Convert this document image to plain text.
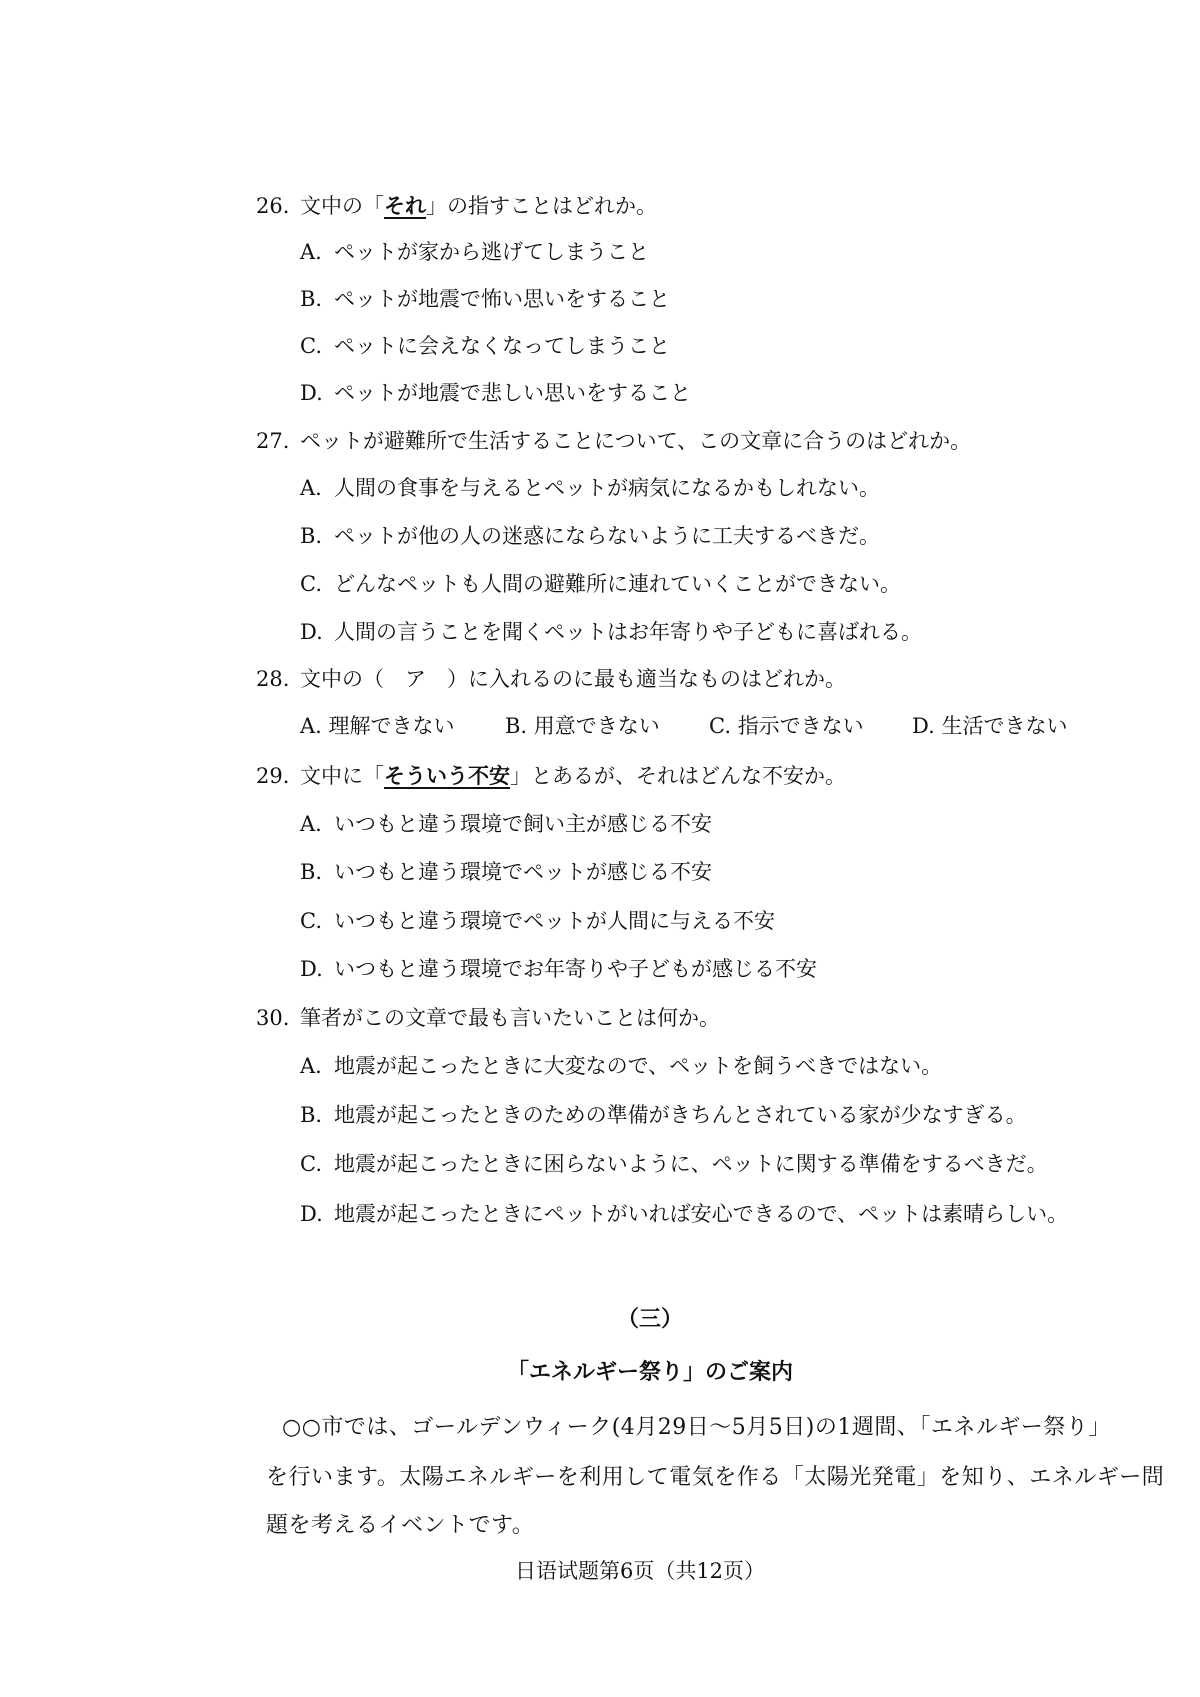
26. 文中の「それ」の指すことはどれか。
A. ペットが家から逃げてしまうこと
B. ペットが地震で怖い思いをすること
C. ペットに会えなくなってしまうこと
D. ペットが地震で悲しい思いをすること
27. ペットが避難所で生活することについて、この文章に合うのはどれか。
A. 人間の食事を与えるとペットが病気になるかもしれない。
B. ペットが他の人の迷惑にならないように工夫するべきだ。
C. どんなペットも人間の避難所に連れていくことができない。
D. 人間の言うことを聞くペットはお年寄りや子どもに喜ばれる。
28. 文中の（　ア　）に入れるのに最も適当なものはどれか。
A. 理解できない B. 用意できない C. 指示できない D. 生活できない
29. 文中に「そういう不安」とあるが、それはどんな不安か。
A. いつもと違う環境で飼い主が感じる不安
B. いつもと違う環境でペットが感じる不安
C. いつもと違う環境でペットが人間に与える不安
D. いつもと違う環境でお年寄りや子どもが感じる不安
30. 筆者がこの文章で最も言いたいことは何か。
A. 地震が起こったときに大変なので、ペットを飼うべきではない。
B. 地震が起こったときのための準備がきちんとされている家が少なすぎる。
C. 地震が起こったときに困らないように、ペットに関する準備をするべきだ。
D. 地震が起こったときにペットがいれば安心できるので、ペットは素晴らしい。
（三）
「エネルギー祭り」のご案内
○○市では、ゴールデンウィーク(4月29日～5月5日)の1週間、「エネルギー祭り」
を行います。太陽エネルギーを利用して電気を作る「太陽光発電」を知り、エネルギー問
題を考えるイベントです。
日语试题第6页（共12页）
